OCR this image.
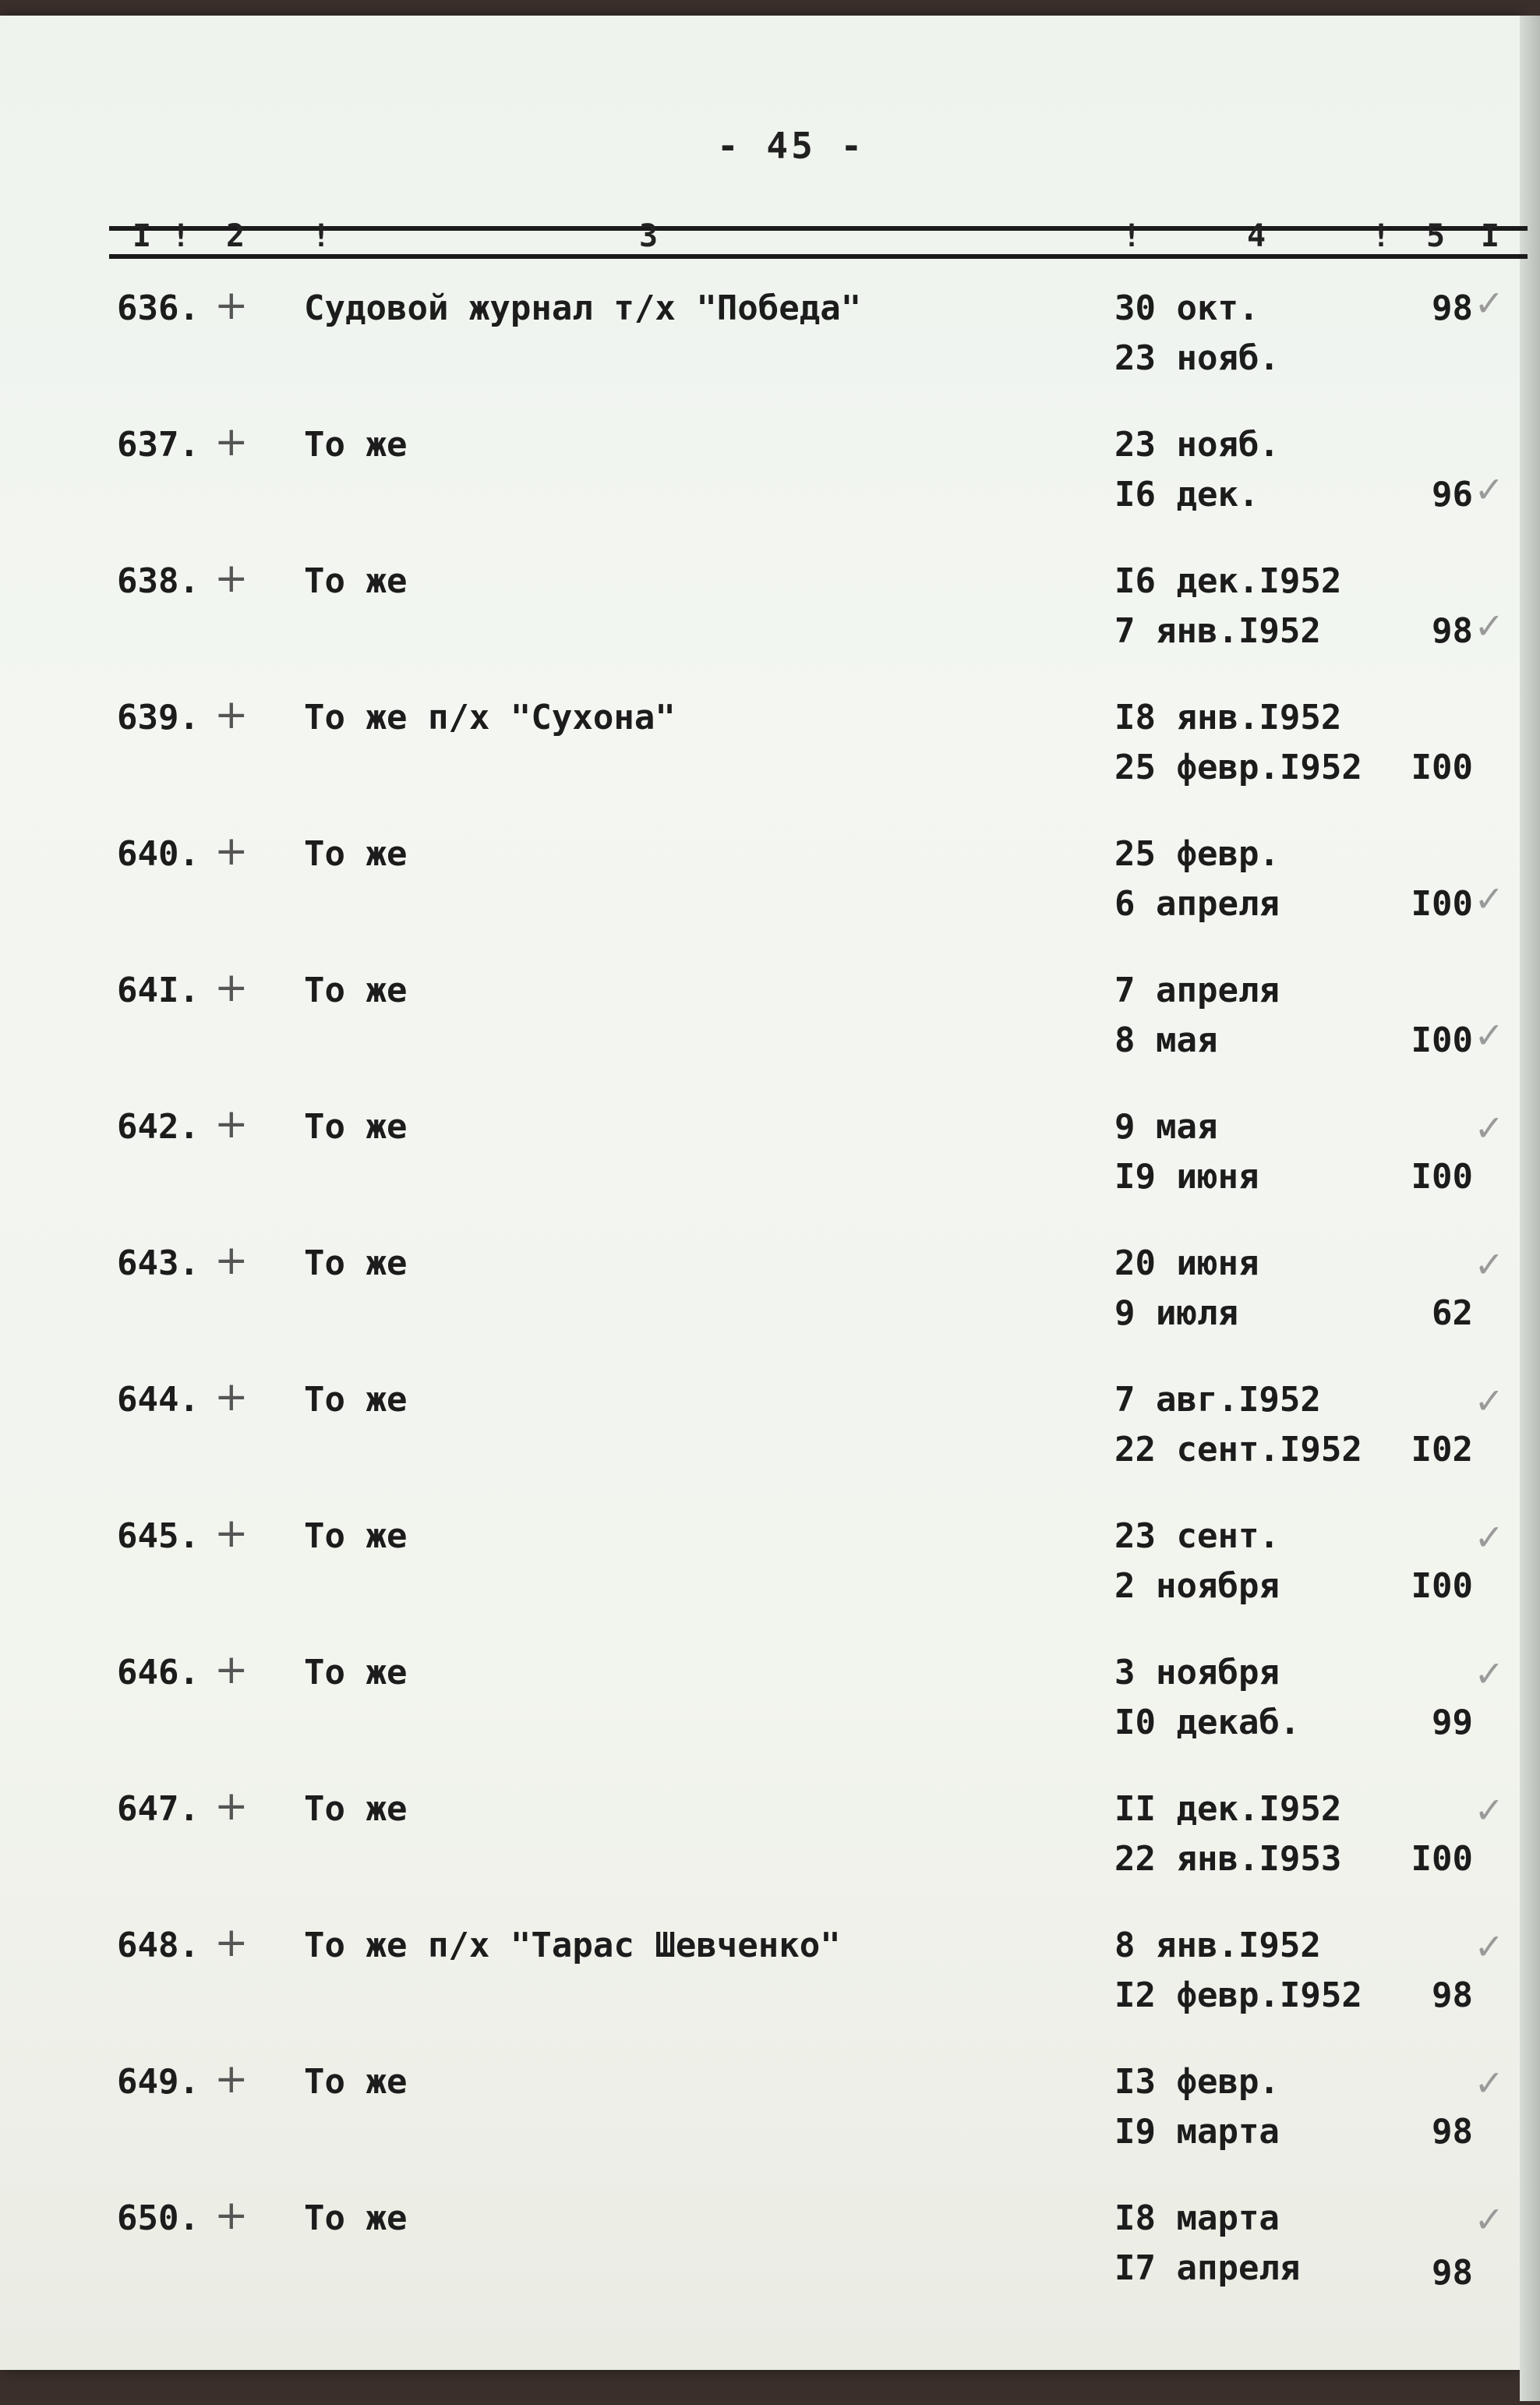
- 45 -
I ! 2 !	3	!	4	! 5 I
636. + Судовой журнал т/х "Победа"	30 окт.
23 нояб.
98 ✓
637. + То же	23 нояб.
I6 дек.	96 ✓
638. + То же	I6 дек.I952
7 янв.I952	98 ✓
639. + То же п/х "Сухона"	I8 янв.I952
25 февр.I952 I00
640. + То же	25 февр.
6 апреля	I00 ✓
64I. + То же	7 апреля
8 мая	I00 ✓
642. + То же	9 мая
I9 июня	I00
✓
643. + То же	20 июня
9 июля	62
✓
644. + То же	7 авг.I952
22 сент.I952 I02
✓
645. + То же	23 сент.
2 ноября	I00
✓
646. + То же	3 ноября
I0 декаб.	99
✓
647. + То же	II дек.I952
22 янв.I953 I00
✓
648. + То же п/х "Тарас Шевченко"	8 янв.I952
I2 февр.I952 98
✓
649. + То же	I3 февр.
I9 марта	98
✓
650. + То же	I8 марта
I7 апреля	98
✓
